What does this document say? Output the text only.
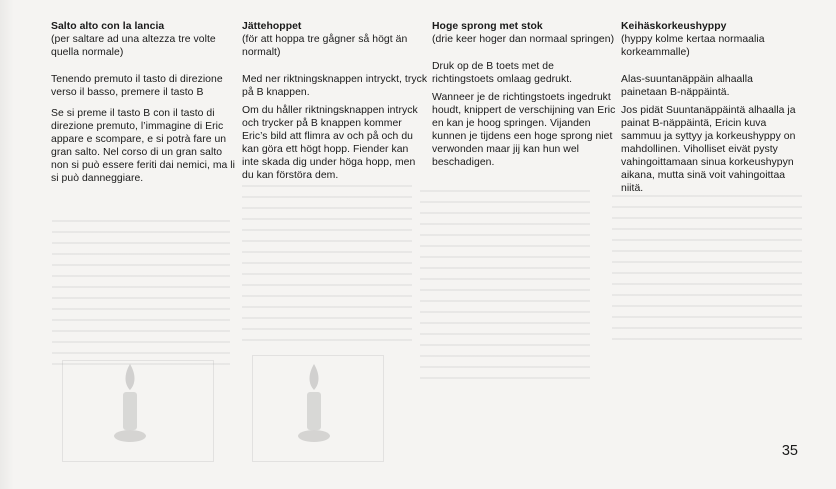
Salto alto con la lancia

(per saltare ad una altezza tre volte quella normale)

Tenendo premuto il tasto di direzione verso il basso, premere il tasto B

Se si preme il tasto B con il tasto di direzione premuto, l’immagine di Eric appare e scompare, e si potrà fare un gran salto. Nel corso di un gran salto non si può essere feriti dai nemici, ma li si può danneggiare.

Jättehoppet

(för att hoppa tre gågner så högt än normalt)

Med ner riktningsknappen intryckt, tryck på B knappen.

Om du håller riktningsknappen intryck och trycker på B knappen kommer Eric’s bild att flimra av och på och du kan göra ett högt hopp. Fiender kan inte skada dig under höga hopp, men du kan förstöra dem.

Hoge sprong met stok

(drie keer hoger dan normaal springen)

Druk op de B toets met de richtingstoets omlaag gedrukt.

Wanneer je de richtingstoets ingedrukt houdt, knippert de verschijning van Eric en kan je hoog springen. Vijanden kunnen je tijdens een hoge sprong niet verwonden maar jij kan hun wel beschadigen.

Keihäskorkeushyppy

(hyppy kolme kertaa normaalia korkeammalle)

Alas-suuntanäppäin alhaalla painetaan B-näppäintä.

Jos pidät Suuntanäppäintä alhaalla ja painat B-näppäintä, Ericin kuva sammuu ja syttyy ja korkeushyppy on mahdollinen. Viholliset eivät pysty vahingoittamaan sinua korkeushypyn aikana, mutta sinä voit vahingoittaa niitä.

35
